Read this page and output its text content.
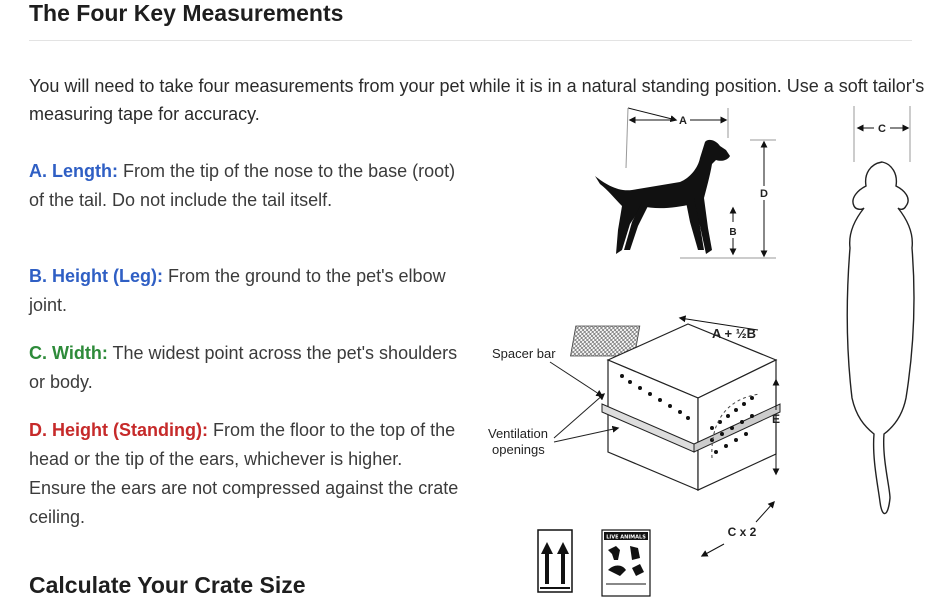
The Four Key Measurements
You will need to take four measurements from your pet while it is in a natural standing position. Use a soft tailor's measuring tape for accuracy.
A. Length: From the tip of the nose to the base (root) of the tail. Do not include the tail itself.
B. Height (Leg): From the ground to the pet's elbow joint.
C. Width: The widest point across the pet's shoulders or body.
D. Height (Standing): From the floor to the top of the head or the tip of the ears, whichever is higher. Ensure the ears are not compressed against the crate ceiling.
A
D
B
C
Spacer bar
Ventilation
openings
A + ½B
E
C x 2
LIVE ANIMALS
Calculate Your Crate Size
